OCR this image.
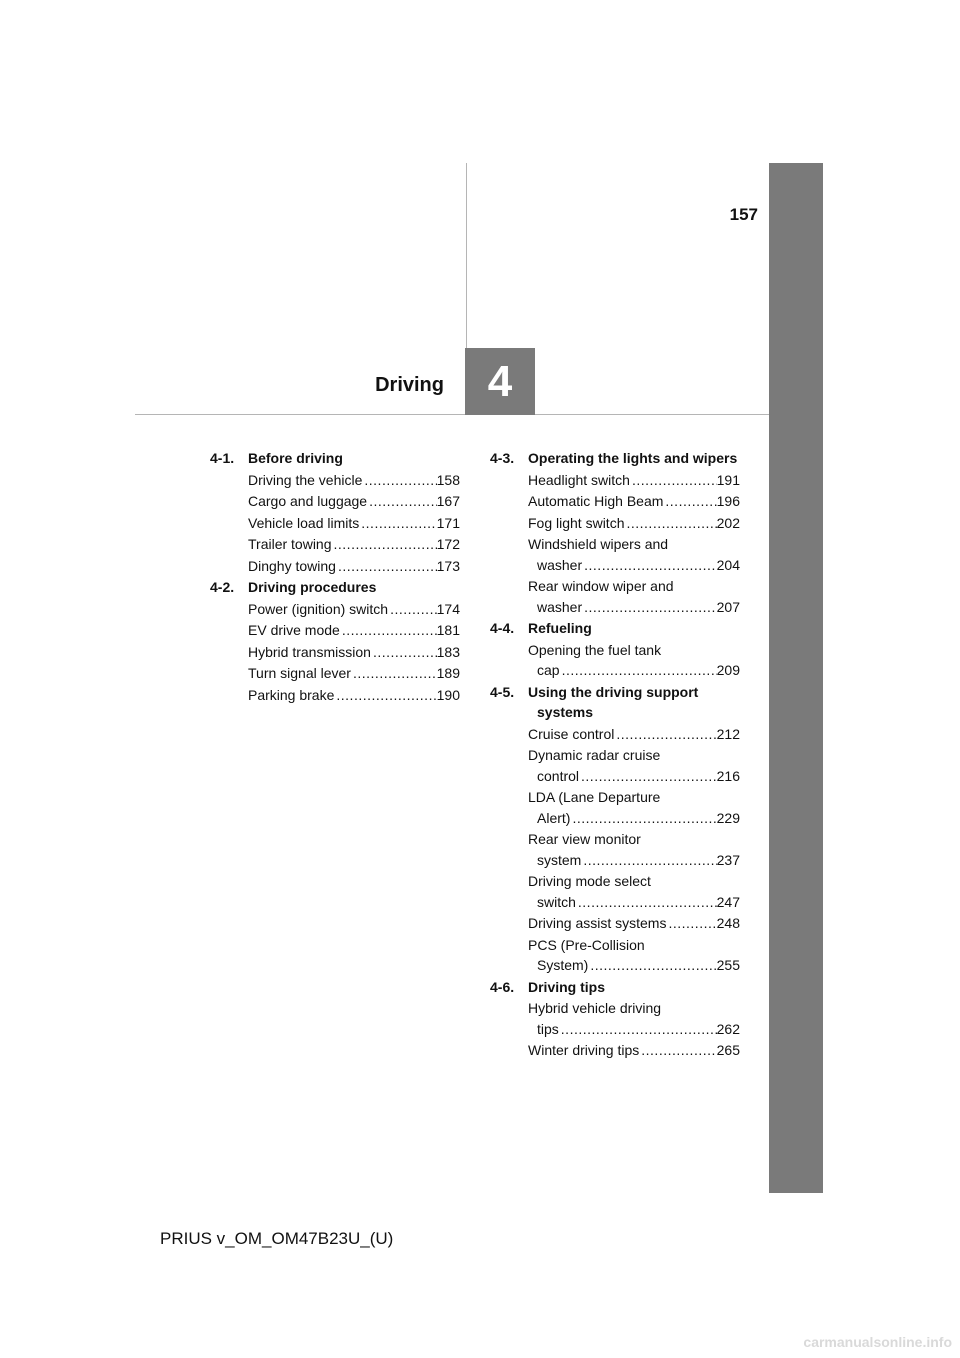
157
Driving 4
4-1. Before driving
Driving the vehicle .....	158
Cargo and luggage .....	167
Vehicle load limits .....	171
Trailer towing .....	172
Dinghy towing .....	173
4-2. Driving procedures
Power (ignition) switch .....	174
EV drive mode .....	181
Hybrid transmission .....	183
Turn signal lever .....	189
Parking brake .....	190
4-3. Operating the lights and wipers
Headlight switch .....	191
Automatic High Beam .....	196
Fog light switch .....	202
Windshield wipers and
washer .....	204
Rear window wiper and
washer .....	207
4-4. Refueling
Opening the fuel tank
cap .....	209
4-5. Using the driving support systems
Cruise control .....	212
Dynamic radar cruise
control .....	216
LDA (Lane Departure
Alert) .....	229
Rear view monitor
system .....	237
Driving mode select
switch .....	247
Driving assist systems .....	248
PCS (Pre-Collision
System) .....	255
4-6. Driving tips
Hybrid vehicle driving
tips .....	262
Winter driving tips .....	265
PRIUS v_OM_OM47B23U_(U)
carmanualsonline.info
